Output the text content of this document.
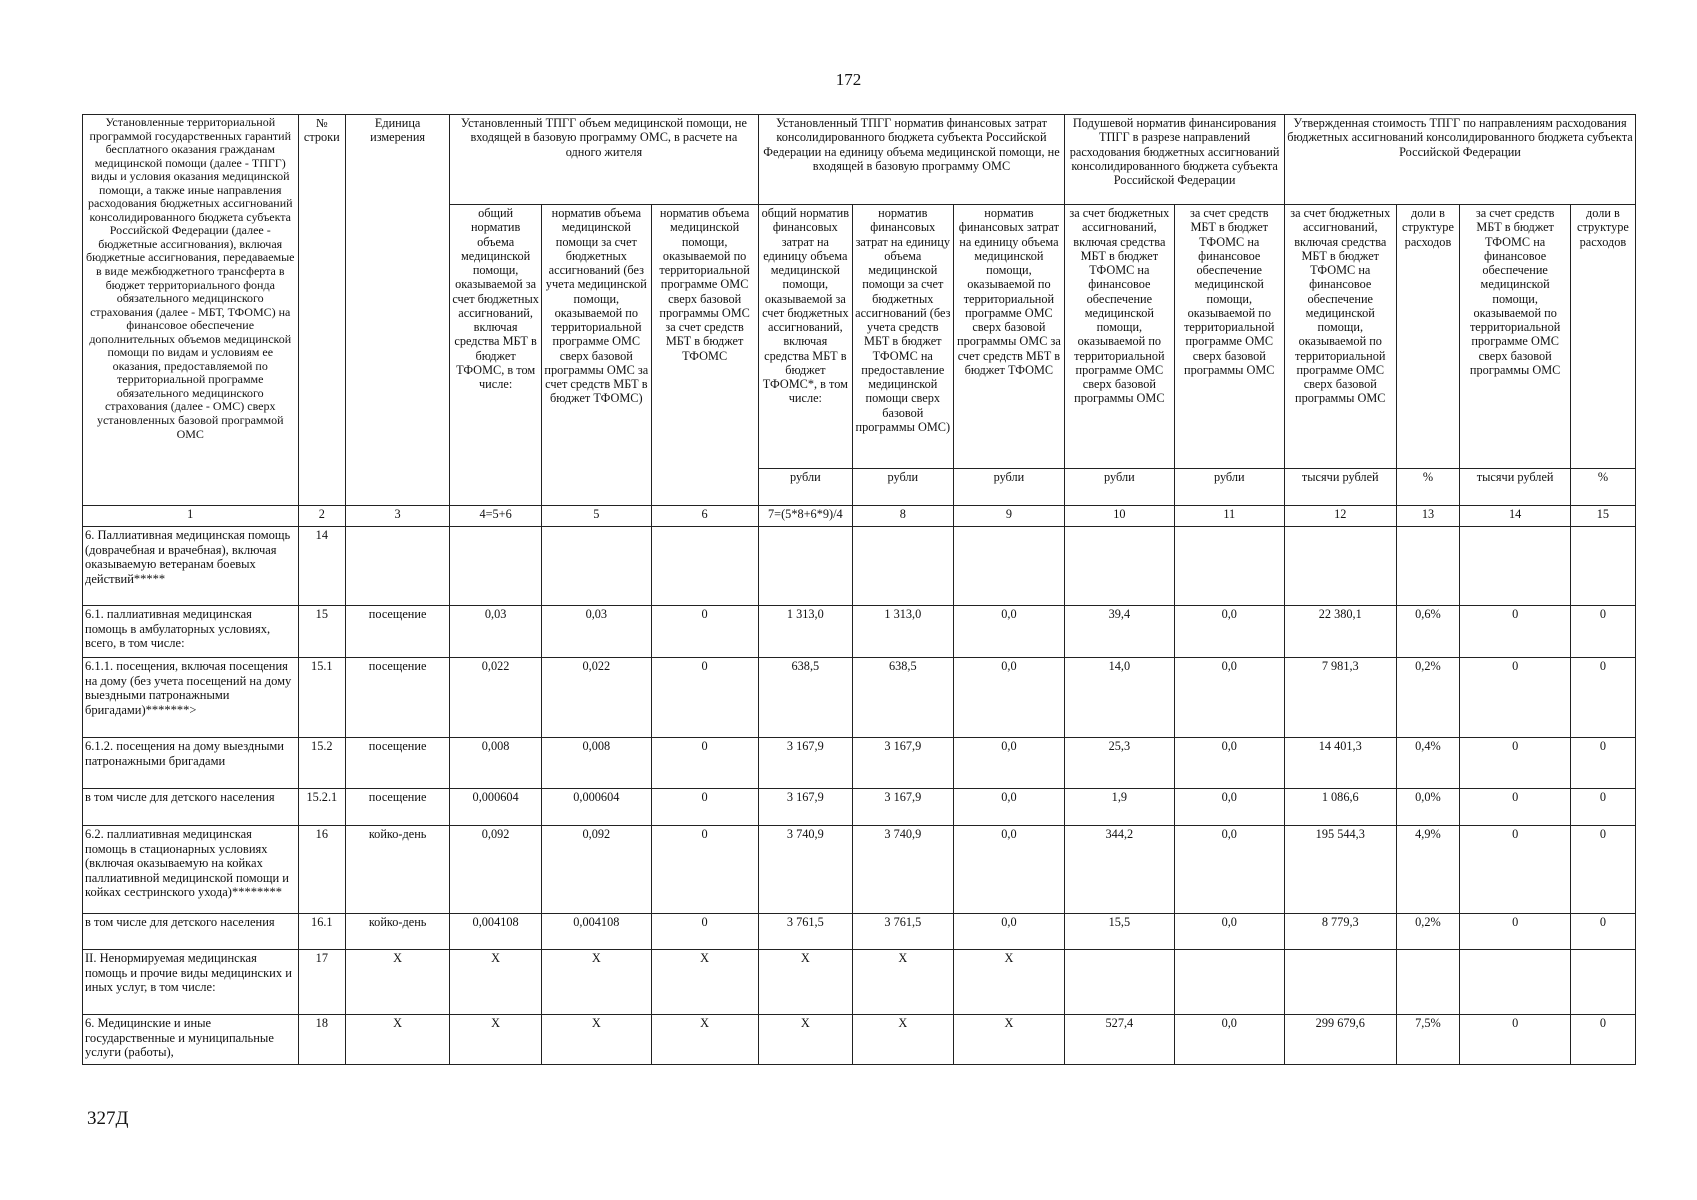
172
Установленные территориальной программой государственных гарантий бесплатного оказания гражданам медицинской помощи (далее - ТПГГ) виды и условия оказания медицинской помощи, а также иные направления расходования бюджетных ассигнований консолидированного бюджета субъекта Российской Федерации (далее - бюджетные ассигнования), включая бюджетные ассигнования, передаваемые в виде межбюджетного трансферта в бюджет территориального фонда обязательного медицинского страхования (далее - МБТ, ТФОМС) на финансовое обеспечение дополнительных объемов медицинской помощи по видам и условиям ее оказания, предоставляемой по территориальной программе обязательного медицинского страхования (далее - ОМС) сверх установленных базовой программой ОМС	№ строки	Единица измерения	Установленный ТПГГ объем медицинской помощи, не входящей в базовую программу ОМС, в расчете на одного жителя			Установленный ТПГГ норматив финансовых затрат консолидированного бюджета субъекта Российской Федерации на единицу объема медицинской помощи, не входящей в базовую программу ОМС			Подушевой норматив финансирования ТПГГ в разрезе направлений расходования бюджетных ассигнований консолидированного бюджета субъекта Российской Федерации		Утвержденная стоимость ТПГГ по направлениям расходования бюджетных ассигнований консолидированного бюджета субъекта Российской Федерации			
			общий норматив объема медицинской помощи, оказываемой за счет бюджетных ассигнований, включая средства МБТ в бюджет ТФОМС, в том числе:	норматив объема медицинской помощи за счет бюджетных ассигнований (без учета медицинской помощи, оказываемой по территориальной программе ОМС сверх базовой программы ОМС за счет средств МБТ в бюджет ТФОМС)	норматив объема медицинской помощи, оказываемой по территориальной программе ОМС сверх базовой программы ОМС за счет средств МБТ в бюджет ТФОМС	общий норматив финансовых затрат на единицу объема медицинской помощи, оказываемой за счет бюджетных ассигнований, включая средства МБТ в бюджет ТФОМС*, в том числе:	норматив финансовых затрат на единицу объема медицинской помощи за счет бюджетных ассигнований (без учета средств МБТ в бюджет ТФОМС на предоставление медицинской помощи сверх базовой программы ОМС)	норматив финансовых затрат на единицу объема медицинской помощи, оказываемой по территориальной программе ОМС сверх базовой программы ОМС за счет средств МБТ в бюджет ТФОМС	за счет бюджетных ассигнований, включая средства МБТ в бюджет ТФОМС на финансовое обеспечение медицинской помощи, оказываемой по территориальной программе ОМС сверх базовой программы ОМС	за счет средств МБТ в бюджет ТФОМС на финансовое обеспечение медицинской помощи, оказываемой по территориальной программе ОМС сверх базовой программы ОМС	за счет бюджетных ассигнований, включая средства МБТ в бюджет ТФОМС на финансовое обеспечение медицинской помощи, оказываемой по территориальной программе ОМС сверх базовой программы ОМС	доли в структуре расходов	за счет средств МБТ в бюджет ТФОМС на финансовое обеспечение медицинской помощи, оказываемой по территориальной программе ОМС сверх базовой программы ОМС	доли в структуре расходов
						рубли	рубли	рубли	рубли	рубли	тысячи рублей	%	тысячи рублей	%
1	2	3	4=5+6	5	6	7=(5*8+6*9)/4	8	9	10	11	12	13	14	15
6. Паллиативная медицинская помощь (доврачебная и врачебная), включая оказываемую ветеранам боевых действий*****	14													
6.1. паллиативная медицинская помощь в амбулаторных условиях, всего, в том числе:	15	посещение	0,03	0,03	0	1 313,0	1 313,0	0,0	39,4	0,0	22 380,1	0,6%	0	0
6.1.1. посещения, включая посещения на дому (без учета посещений на дому выездными патронажными бригадами)*******>	15.1	посещение	0,022	0,022	0	638,5	638,5	0,0	14,0	0,0	7 981,3	0,2%	0	0
6.1.2. посещения на дому выездными патронажными бригадами	15.2	посещение	0,008	0,008	0	3 167,9	3 167,9	0,0	25,3	0,0	14 401,3	0,4%	0	0
в том числе для детского населения	15.2.1	посещение	0,000604	0,000604	0	3 167,9	3 167,9	0,0	1,9	0,0	1 086,6	0,0%	0	0
6.2. паллиативная медицинская помощь в стационарных условиях (включая оказываемую на койках паллиативной медицинской помощи и койках сестринского ухода)********	16	койко-день	0,092	0,092	0	3 740,9	3 740,9	0,0	344,2	0,0	195 544,3	4,9%	0	0
в том числе для детского населения	16.1	койко-день	0,004108	0,004108	0	3 761,5	3 761,5	0,0	15,5	0,0	8 779,3	0,2%	0	0
II. Ненормируемая медицинская помощь и прочие виды медицинских и иных услуг, в том числе:	17	X	X	X	X	X	X	X						
6. Медицинские и иные государственные и муниципальные услуги (работы),	18	X	X	X	X	X	X	X	527,4	0,0	299 679,6	7,5%	0	0
327Д
